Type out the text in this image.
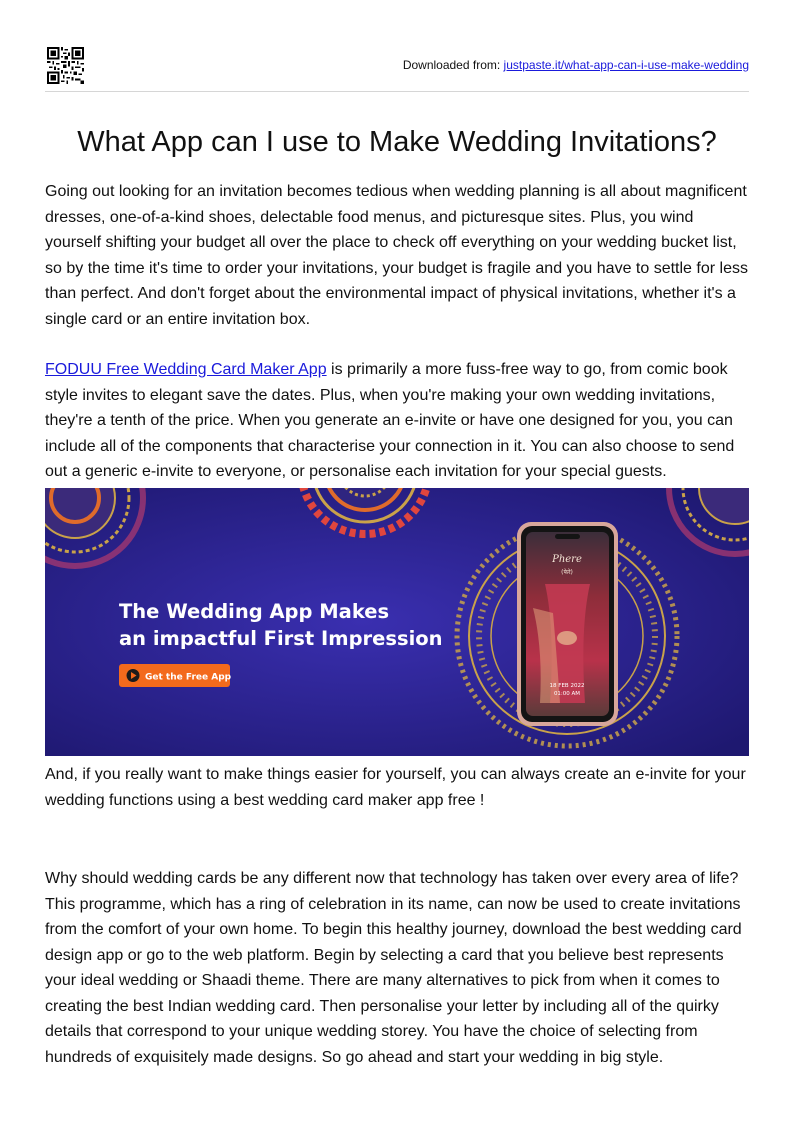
Downloaded from: justpaste.it/what-app-can-i-use-make-wedding
What App can I use to Make Wedding Invitations?

Going out looking for an invitation becomes tedious when wedding planning is all about magnificent dresses, one-of-a-kind shoes, delectable food menus, and picturesque sites. Plus, you wind yourself shifting your budget all over the place to check off everything on your wedding bucket list, so by the time it's time to order your invitations, your budget is fragile and you have to settle for less than perfect. And don't forget about the environmental impact of physical invitations, whether it's a single card or an entire invitation box.

FODUU Free Wedding Card Maker App is primarily a more fuss-free way to go, from comic book style invites to elegant save the dates. Plus, when you're making your own wedding invitations, they're a tenth of the price. When you generate an e-invite or have one designed for you, you can include all of the components that characterise your connection in it. You can also choose to send out a generic e-invite to everyone, or personalise each invitation for your special guests.

The Wedding App Makes
an impactful First Impression
Get the Free App
Phere
(फेरे)
18 FEB 2022
01:00 AM

And, if you really want to make things easier for yourself, you can always create an e-invite for your wedding functions using a best wedding card maker app free !

Why should wedding cards be any different now that technology has taken over every area of life? This programme, which has a ring of celebration in its name, can now be used to create invitations from the comfort of your own home. To begin this healthy journey, download the best wedding card design app or go to the web platform. Begin by selecting a card that you believe best represents your ideal wedding or Shaadi theme. There are many alternatives to pick from when it comes to creating the best Indian wedding card. Then personalise your letter by including all of the quirky details that correspond to your unique wedding storey. You have the choice of selecting from hundreds of exquisitely made designs. So go ahead and start your wedding in big style.
